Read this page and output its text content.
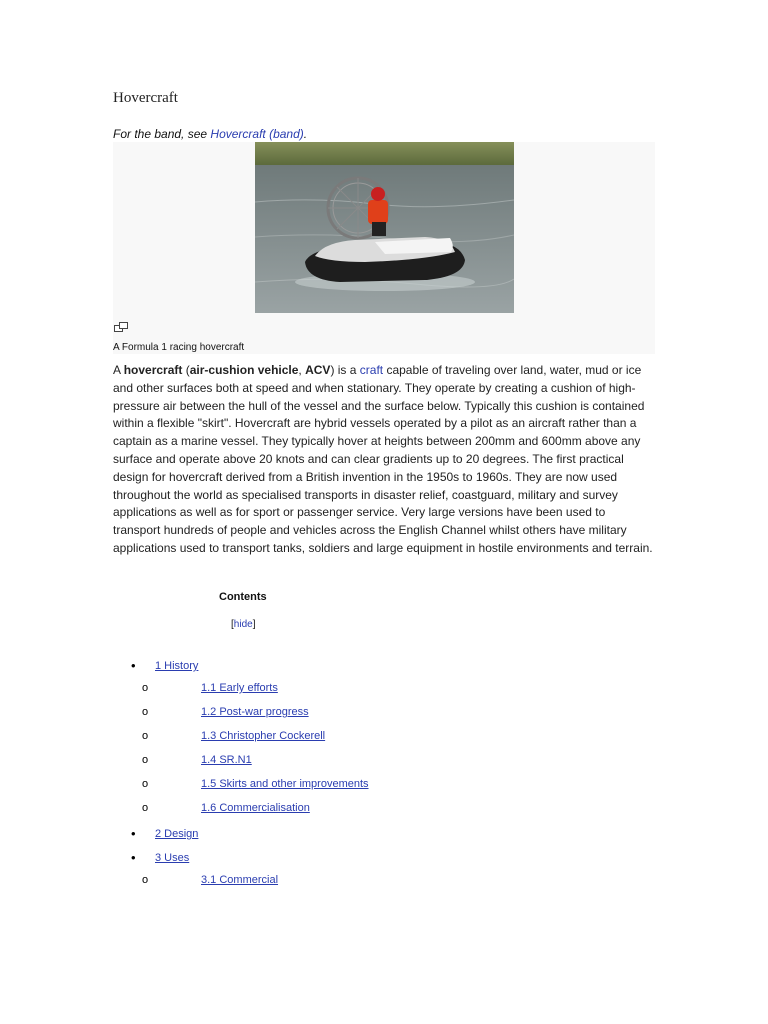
Hovercraft
For the band, see Hovercraft (band).
A Formula 1 racing hovercraft

A hovercraft (air-cushion vehicle, ACV) is a craft capable of traveling over land, water, mud or ice and other surfaces both at speed and when stationary. They operate by creating a cushion of high-pressure air between the hull of the vessel and the surface below. Typically this cushion is contained within a flexible "skirt". Hovercraft are hybrid vessels operated by a pilot as an aircraft rather than a captain as a marine vessel. They typically hover at heights between 200mm and 600mm above any surface and operate above 20 knots and can clear gradients up to 20 degrees. The first practical design for hovercraft derived from a British invention in the 1950s to 1960s. They are now used throughout the world as specialised transports in disaster relief, coastguard, military and survey applications as well as for sport or passenger service. Very large versions have been used to transport hundreds of people and vehicles across the English Channel whilst others have military applications used to transport tanks, soldiers and large equipment in hostile environments and terrain.

Contents
[hide]
• 1 History
o	1.1 Early efforts
o	1.2 Post-war progress
o	1.3 Christopher Cockerell
o	1.4 SR.N1
o	1.5 Skirts and other improvements
o	1.6 Commercialisation
• 2 Design
• 3 Uses
o	3.1 Commercial
